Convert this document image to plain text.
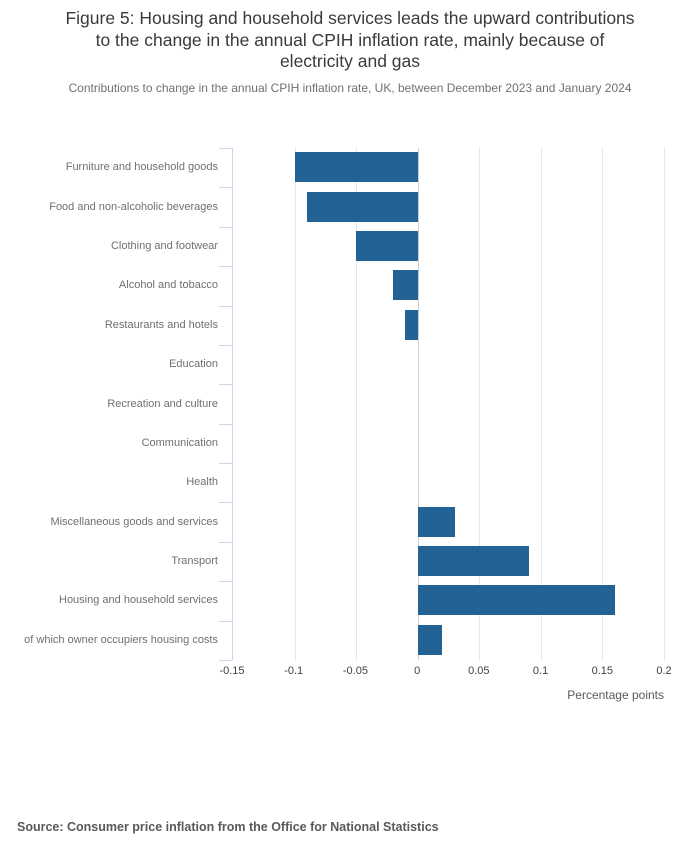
Figure 5: Housing and household services leads the upward contributions
to the change in the annual CPIH inflation rate, mainly because of
electricity and gas

Contributions to change in the annual CPIH inflation rate, UK, between December 2023 and January 2024

Furniture and household goods
Food and non-alcoholic beverages
Clothing and footwear
Alcohol and tobacco
Restaurants and hotels
Education
Recreation and culture
Communication
Health
Miscellaneous goods and services
Transport
Housing and household services
of which owner occupiers housing costs
-0.15	-0.1	-0.05	0	0.05	0.1	0.15	0.2
Percentage points
Source: Consumer price inflation from the Office for National Statistics
